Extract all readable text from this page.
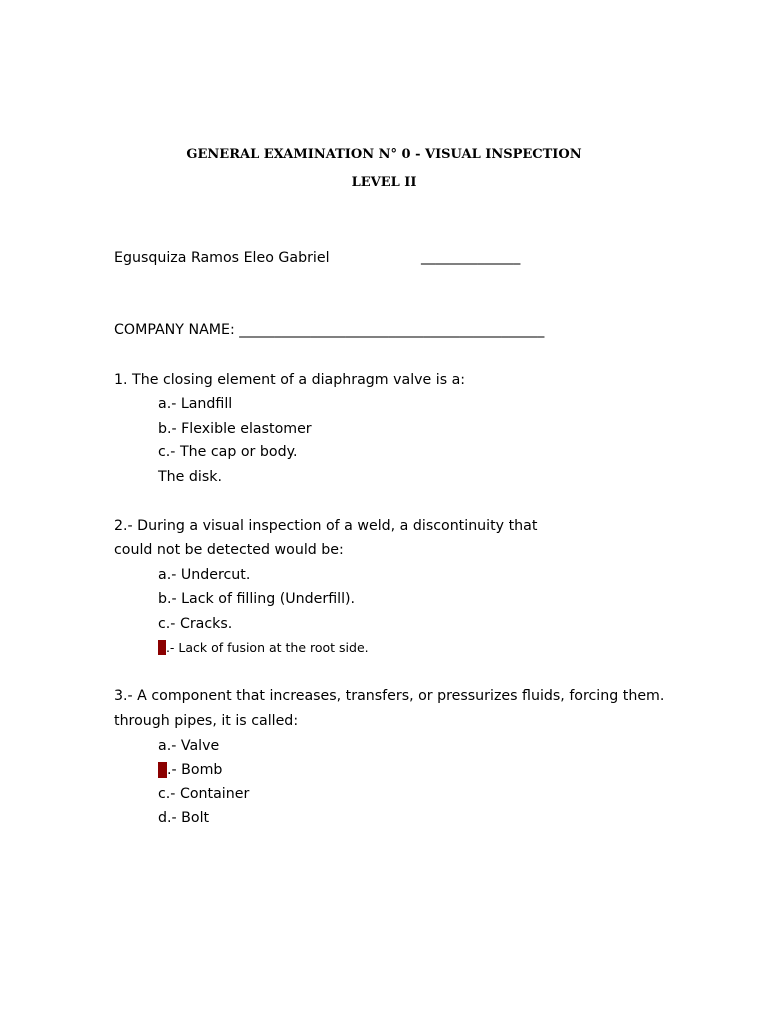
GENERAL EXAMINATION N° 0 - VISUAL INSPECTION
LEVEL II
Egusquiza Ramos Eleo Gabriel	______________
COMPANY NAME: ___________________________________________
1. The closing element of a diaphragm valve is a:
a.- Landfill
b.- Flexible elastomer
c.- The cap or body.
The disk.
2.- During a visual inspection of a weld, a discontinuity that
could not be detected would be:
a.- Undercut.
b.- Lack of filling (Underfill).
c.- Cracks.
d.- Lack of fusion at the root side.
3.- A component that increases, transfers, or pressurizes fluids, forcing them.
through pipes, it is called:
a.- Valve
b.- Bomb
c.- Container
d.- Bolt
